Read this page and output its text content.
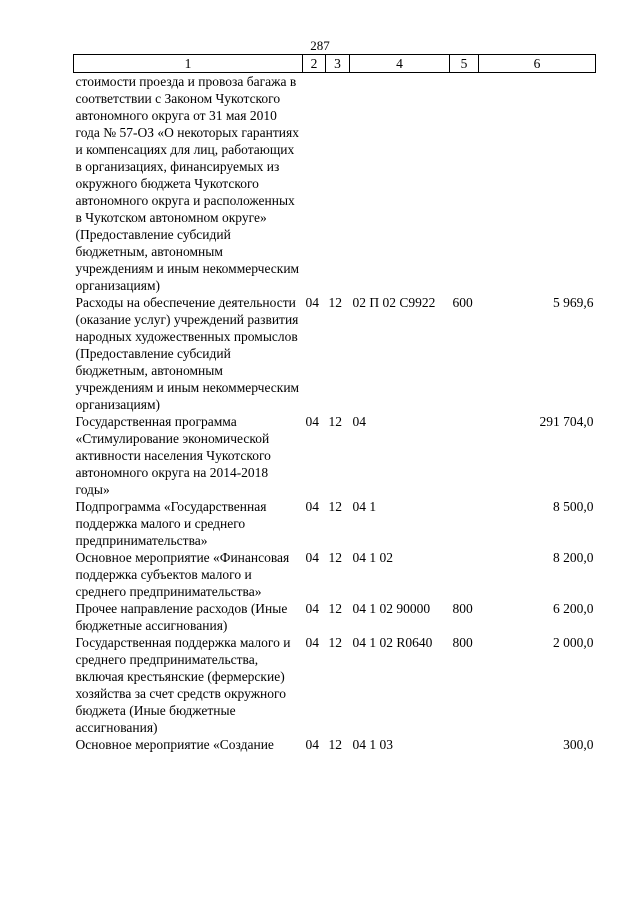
287
1	2	3	4	5	6
стоимости проезда и провоза багажа в соответствии с Законом Чукотского автономного округа от 31 мая 2010 года № 57-ОЗ «О некоторых гарантиях и компенсациях для лиц, работающих в организациях, финансируемых из окружного бюджета Чукотского автономного округа и расположенных в Чукотском автономном округе» (Предоставление субсидий бюджетным, автономным учреждениям и иным некоммерческим организациям)					
Расходы на обеспечение деятельности (оказание услуг) учреждений развития народных художественных промыслов (Предоставление субсидий бюджетным, автономным учреждениям и иным некоммерческим организациям)	04	12	02 П 02 С9922	600	5 969,6
Государственная программа «Стимулирование экономической активности населения Чукотского автономного округа на 2014-2018 годы»	04	12	04		291 704,0
Подпрограмма «Государственная поддержка малого и среднего предпринимательства»	04	12	04 1		8 500,0
Основное мероприятие «Финансовая поддержка субъектов малого и среднего предпринимательства»	04	12	04 1 02		8 200,0
Прочее направление расходов (Иные бюджетные ассигнования)	04	12	04 1 02 90000	800	6 200,0
Государственная поддержка малого и среднего предпринимательства, включая крестьянские (фермерские) хозяйства за счет средств окружного бюджета (Иные бюджетные ассигнования)	04	12	04 1 02 R0640	800	2 000,0
Основное мероприятие «Создание	04	12	04 1 03		300,0
